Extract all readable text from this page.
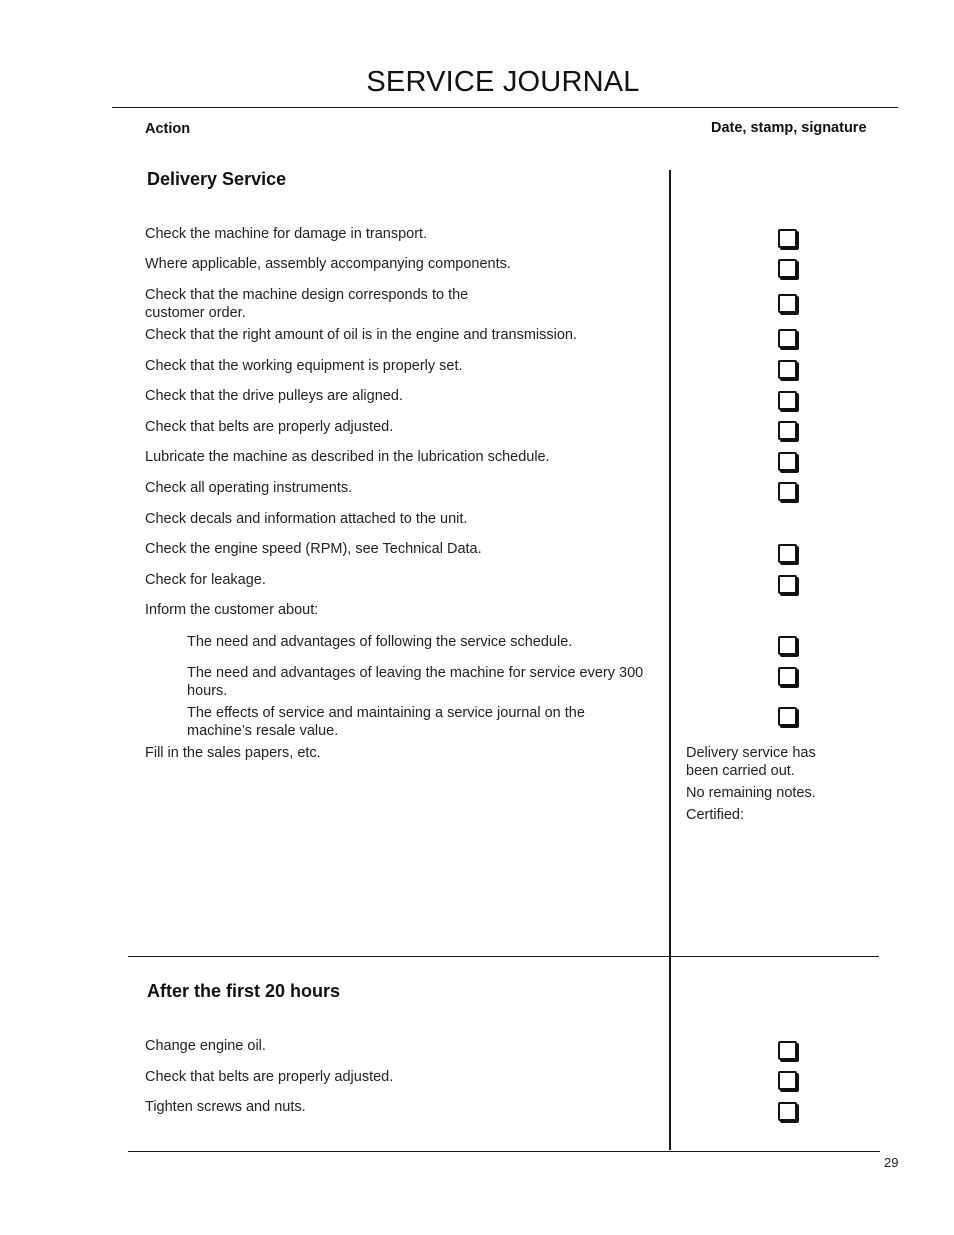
SERVICE JOURNAL
Action	Date, stamp, signature
Delivery Service
Check the machine for damage in transport.
Where applicable, assembly accompanying components.
Check that the machine design corresponds to the customer order.
Check that the right amount of oil is in the engine and transmission.
Check that the working equipment is properly set.
Check that the drive pulleys are aligned.
Check that belts are properly adjusted.
Lubricate the machine as described in the lubrication schedule.
Check all operating instruments.
Check decals and information attached to the unit.
Check the engine speed (RPM), see Technical Data.
Check for leakage.
Inform the customer about:
The need and advantages of following the service schedule.
The need and advantages of leaving the machine for service every 300 hours.
The effects of service and maintaining a service journal on the machine’s resale value.
Fill in the sales papers, etc.	Delivery service has been carried out.
No remaining notes.
Certified:
After the first 20 hours
Change engine oil.
Check that belts are properly adjusted.
Tighten screws and nuts.
29
